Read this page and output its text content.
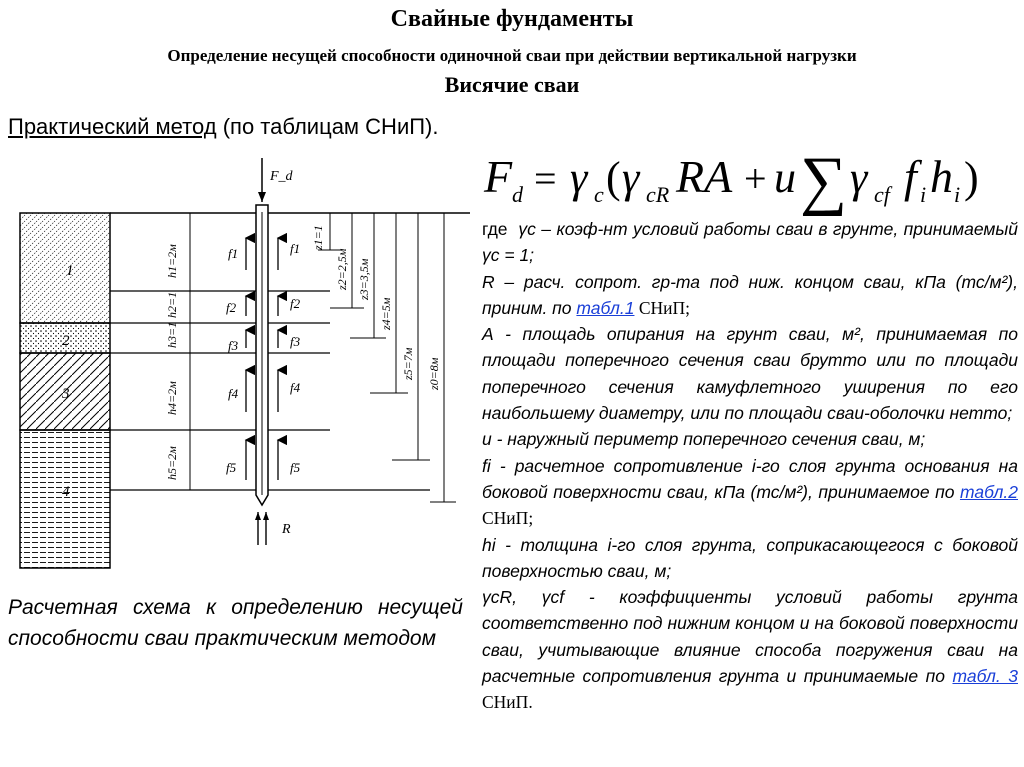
Свайные фундаменты
Определение несущей способности одиночной сваи при действии вертикальной нагрузки
Висячие сваи
Практический метод (по таблицам СНиП).
1
2
3
4
F_d
R
h1=2м
h2=1
h3=1
h4=2м
h5=2м
f1	f1
f2	f2
f3	f3
f4	f4
f5	f5
z1=1
z2=2,5м z3=3,5м
z4=5м
z5=7м z0=8м
Расчетная схема к определению несущей способности сваи практическим методом
F d = γ c ( γ cR RA + u ∑ γ cf f i h i )

где γc – коэф-нт условий работы сваи в грунте, принимаемый γc = 1;

R – расч. сопрот. гр-та под ниж. концом сваи, кПа (тс/м²), приним. по табл.1 СНиП;

А - площадь опирания на грунт сваи, м², принимаемая по площади поперечного сечения сваи брутто или по площади поперечного сечения камуфлетного уширения по его наибольшему диаметру, или по площади сваи-оболочки нетто;

u - наружный периметр поперечного сечения сваи, м;

fi - расчетное сопротивление i-го слоя грунта основания на боковой поверхности сваи, кПа (тс/м²), принимаемое по табл.2 СНиП;

hi - толщина i-го слоя грунта, соприкасающегося с боковой поверхностью сваи, м;

γcR, γcf - коэффициенты условий работы грунта соответственно под нижним концом и на боковой поверхности сваи, учитывающие влияние способа погружения сваи на расчетные сопротивления грунта и принимаемые по табл. 3 СНиП.
